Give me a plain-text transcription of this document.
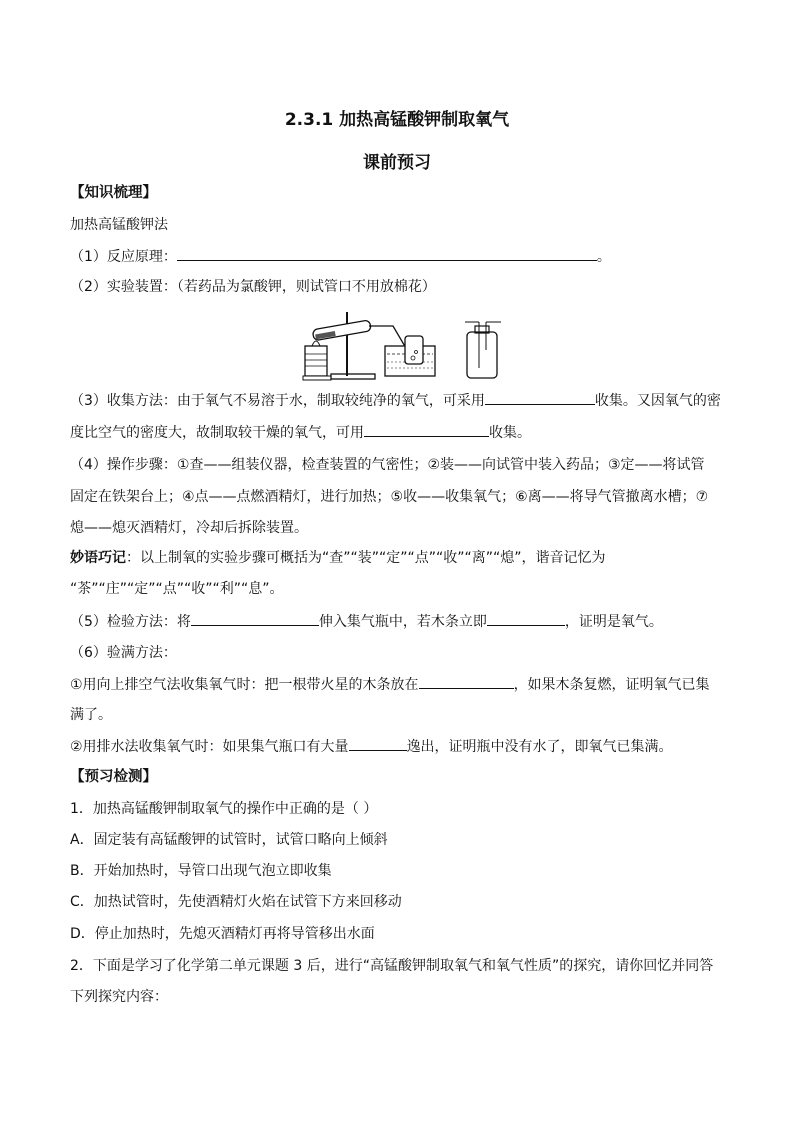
2.3.1 加热高锰酸钾制取氧气
课前预习
【知识梳理】
加热高锰酸钾法
（1）反应原理：	。
（2）实验装置：（若药品为氯酸钾，则试管口不用放棉花）
（3）收集方法：由于氧气不易溶于水，制取较纯净的氧气，可采用	收集。又因氧气的密
度比空气的密度大，故制取较干燥的氧气，可用	收集。
（4）操作步骤：①查——组装仪器，检查装置的气密性；②装——向试管中装入药品；③定——将试管
固定在铁架台上；④点——点燃酒精灯，进行加热；⑤收——收集氧气；⑥离——将导气管撤离水槽；⑦
熄——熄灭酒精灯，冷却后拆除装置。
妙语巧记：以上制氧的实验步骤可概括为“查”“装”“定”“点”“收”“离”“熄”，谐音记忆为
“茶”“庄”“定”“点”“收”“利”“息”。
（5）检验方法：将	伸入集气瓶中，若木条立即	，证明是氧气。
（6）验满方法：
①用向上排空气法收集氧气时：把一根带火星的木条放在	，如果木条复燃，证明氧气已集
满了。
②用排水法收集氧气时：如果集气瓶口有大量	逸出，证明瓶中没有水了，即氧气已集满。
【预习检测】
1．加热高锰酸钾制取氧气的操作中正确的是（ ）
A．固定装有高锰酸钾的试管时，试管口略向上倾斜
B．开始加热时，导管口出现气泡立即收集
C．加热试管时，先使酒精灯火焰在试管下方来回移动
D．停止加热时，先熄灭酒精灯再将导管移出水面
2．下面是学习了化学第二单元课题 3 后，进行“高锰酸钾制取氧气和氧气性质”的探究，请你回忆并同答
下列探究内容：
